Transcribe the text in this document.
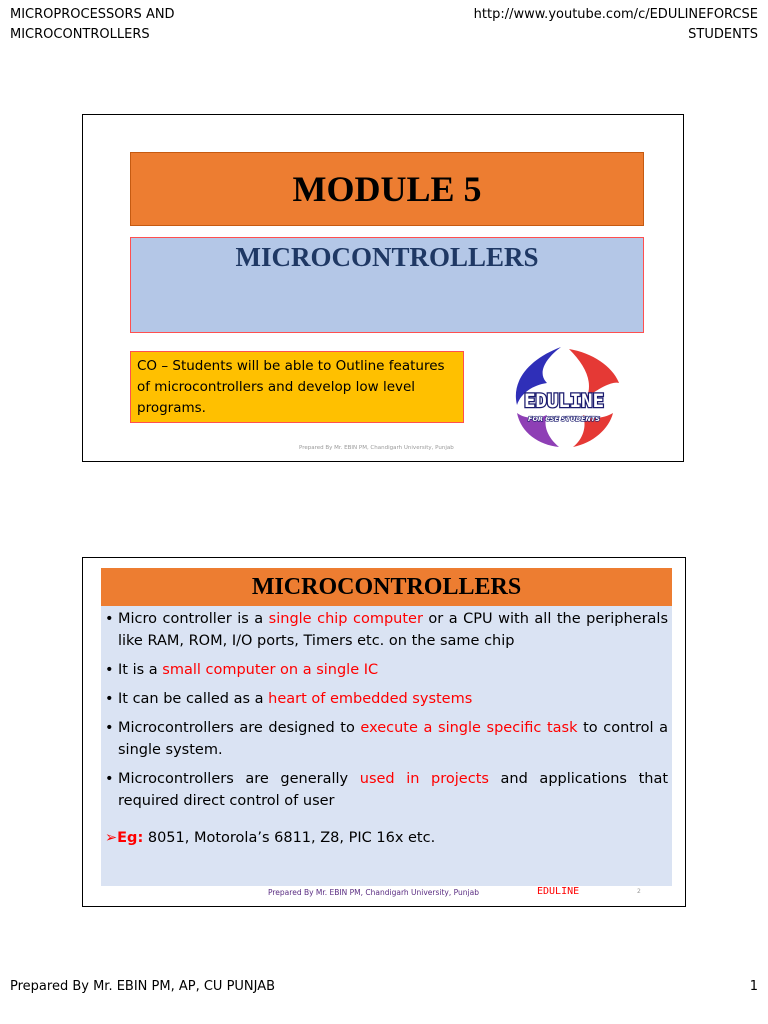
MICROPROCESSORS AND
MICROCONTROLLERS
http://www.youtube.com/c/EDULINEFORCSE
STUDENTS
MODULE 5
MICROCONTROLLERS
CO – Students will be able to Outline features of microcontrollers and develop low level programs.	EDULINE
FOR CSE STUDENTS
Prepared By Mr. EBIN PM, Chandigarh University, Punjab
MICROCONTROLLERS
• Micro controller is a single chip computer or a CPU with all the peripherals like RAM, ROM, I/O ports, Timers etc. on the same chip
• It is a small computer on a single IC
• It can be called as a heart of embedded systems
• Microcontrollers are designed to execute a single specific task to control a single system.
• Microcontrollers are generally used in projects and applications that required direct control of user
➢Eg: 8051, Motorola’s 6811, Z8, PIC 16x etc.
Prepared By Mr. EBIN PM, Chandigarh University, Punjab	EDULINE	2
Prepared By Mr. EBIN PM, AP, CU PUNJAB	1
